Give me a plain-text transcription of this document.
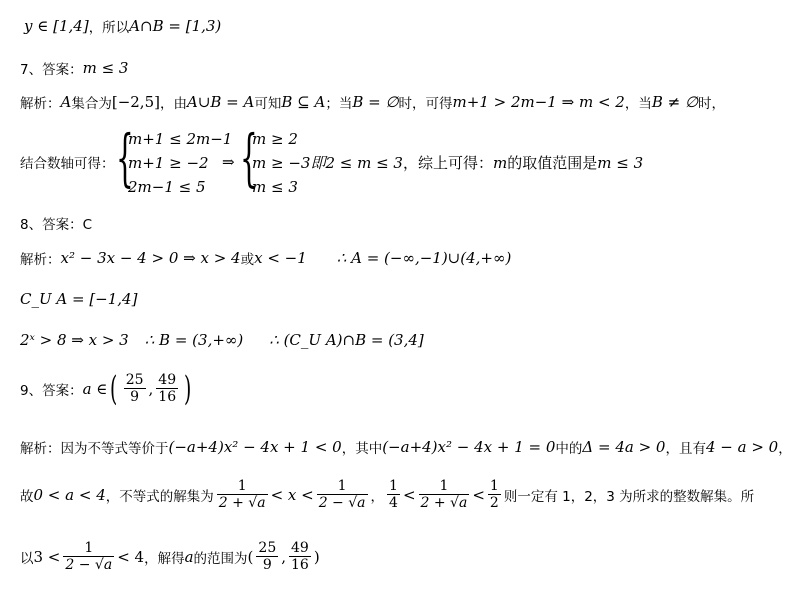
y ∈ [1,4] ，所以 A∩B = [1,3)
7、答案： m ≤ 3
解析： A 集合为 [−2,5] ，由 A∪B = A 可知 B ⊆ A ；当 B = ∅ 时，可得 m+1 > 2m−1 ⇒ m < 2 ，当 B ≠ ∅ 时，
结合数轴可得： {
m+1 ≤ 2m−1
m+1 ≥ −2
2m−1 ≤ 5
⇒ {
m ≥ 2
m ≥ −3即2 ≤ m ≤ 3 ，综上可得： m 的取值范围是 m ≤ 3
m ≤ 3
8、答案：C
解析： x² − 3x − 4 > 0 ⇒ x > 4 或 x < −1 ∴ A = (−∞,−1)∪(4,+∞)
C_U A = [−1,4]
2ˣ > 8 ⇒ x > 3 ∴ B = (3,+∞) ∴ (C_U A)∩B = (3,4]
9、答案： a ∈ ( $\frac{25}{9}$ , $\frac{49}{16}$ )
解析： 因为不等式等价于 (−a+4)x² − 4x + 1 < 0 ，其中 (−a+4)x² − 4x + 1 = 0 中的 Δ = 4a > 0 ，且有 4 − a > 0 ，
故 0 < a < 4 ，不等式的解集为 $\frac{1}{2 + √a} < x < \frac{1}{2 - √a}$ ， $\frac{1}{4} < \frac{1}{2 + √a} < \frac{1}{2}$ 则一定有 1，2，3 为所求的整数解集。所
以 $3 < \frac{1}{2 - √a} < 4$ ，解得 a 的范围为 ( $\frac{25}{9}$ , $\frac{49}{16}$ )
